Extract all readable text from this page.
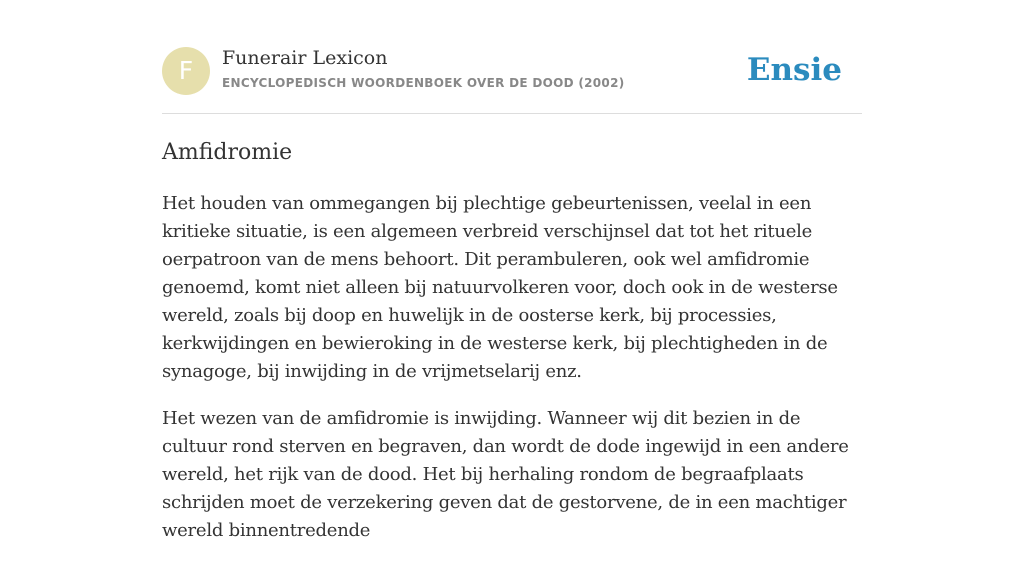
F	Funerair Lexicon
ENCYCLOPEDISCH WOORDENBOEK OVER DE DOOD (2002)	Ensie
Amfidromie

Het houden van ommegangen bij plechtige gebeurtenissen, veelal in een kritieke situatie, is een algemeen verbreid verschijnsel dat tot het rituele oerpatroon van de mens behoort. Dit perambuleren, ook wel amfidromie genoemd, komt niet alleen bij natuurvolkeren voor, doch ook in de westerse wereld, zoals bij doop en huwelijk in de oosterse kerk, bij processies, kerkwijdingen en bewieroking in de westerse kerk, bij plechtigheden in de synagoge, bij inwijding in de vrijmetselarij enz.

Het wezen van de amfidromie is inwijding. Wanneer wij dit bezien in de cultuur rond sterven en begraven, dan wordt de dode ingewijd in een andere wereld, het rijk van de dood. Het bij herhaling rondom de begraafplaats schrijden moet de verzekering geven dat de gestorvene, de in een machtiger wereld binnentredende
